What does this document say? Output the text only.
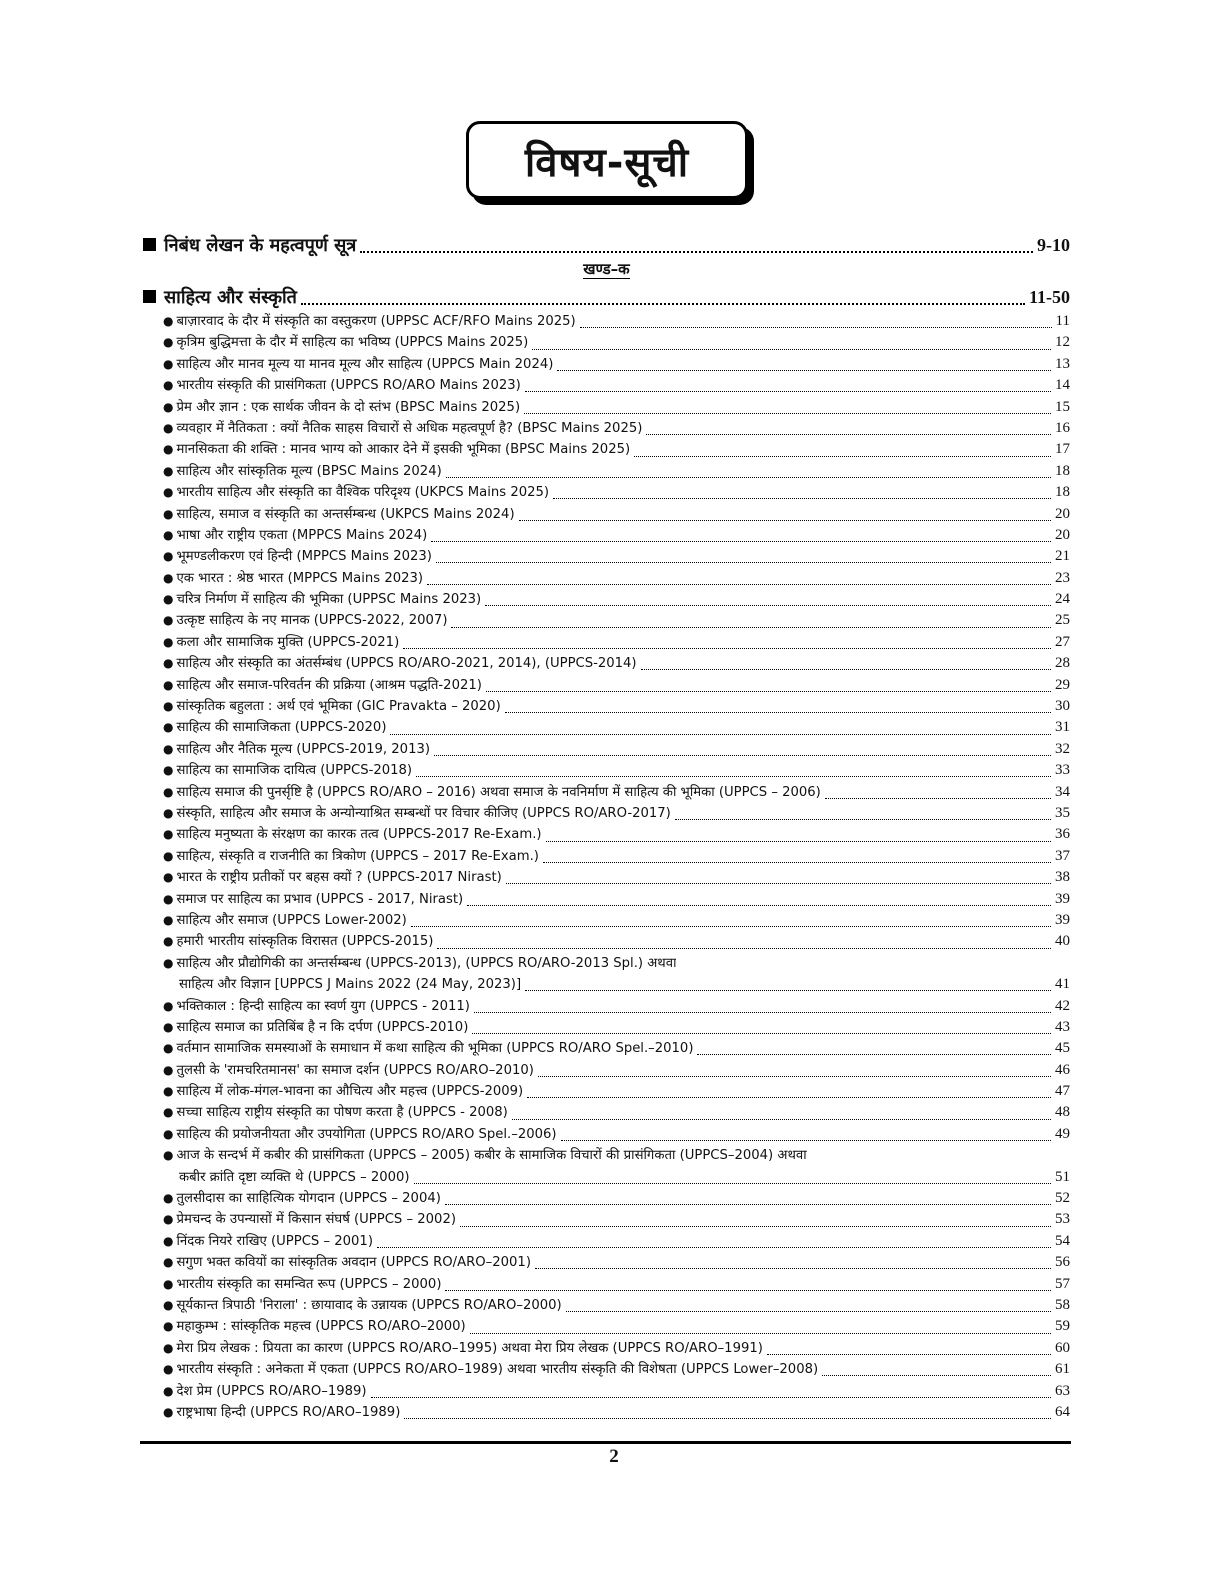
विषय-सूची
निबंध लेखन के महत्वपूर्ण सूत्र	9-10
खण्ड–क
साहित्य और संस्कृति	11-50
● बाज़ारवाद के दौर में संस्कृति का वस्तुकरण (UPPSC ACF/RFO Mains 2025)	11
● कृत्रिम बुद्धिमत्ता के दौर में साहित्य का भविष्य (UPPCS Mains 2025)	12
● साहित्य और मानव मूल्य या मानव मूल्य और साहित्य (UPPCS Main 2024)	13
● भारतीय संस्कृति की प्रासंगिकता (UPPCS RO/ARO Mains 2023)	14
● प्रेम और ज्ञान : एक सार्थक जीवन के दो स्तंभ (BPSC Mains 2025)	15
● व्यवहार में नैतिकता : क्यों नैतिक साहस विचारों से अधिक महत्वपूर्ण है? (BPSC Mains 2025)	16
● मानसिकता की शक्ति : मानव भाग्य को आकार देने में इसकी भूमिका (BPSC Mains 2025)	17
● साहित्य और सांस्कृतिक मूल्य (BPSC Mains 2024)	18
● भारतीय साहित्य और संस्कृति का वैश्विक परिदृश्य (UKPCS Mains 2025)	18
● साहित्य, समाज व संस्कृति का अन्तर्सम्बन्ध (UKPCS Mains 2024)	20
● भाषा और राष्ट्रीय एकता (MPPCS Mains 2024)	20
● भूमण्डलीकरण एवं हिन्दी (MPPCS Mains 2023)	21
● एक भारत : श्रेष्ठ भारत (MPPCS Mains 2023)	23
● चरित्र निर्माण में साहित्य की भूमिका (UPPSC Mains 2023)	24
● उत्कृष्ट साहित्य के नए मानक (UPPCS-2022, 2007)	25
● कला और सामाजिक मुक्ति (UPPCS-2021)	27
● साहित्य और संस्कृति का अंतर्सम्बंध (UPPCS RO/ARO-2021, 2014), (UPPCS-2014)	28
● साहित्य और समाज-परिवर्तन की प्रक्रिया (आश्रम पद्धति-2021)	29
● सांस्कृतिक बहुलता : अर्थ एवं भूमिका (GIC Pravakta – 2020)	30
● साहित्य की सामाजिकता (UPPCS-2020)	31
● साहित्य और नैतिक मूल्य (UPPCS-2019, 2013)	32
● साहित्य का सामाजिक दायित्व (UPPCS-2018)	33
● साहित्य समाज की पुनर्सृष्टि है (UPPCS RO/ARO – 2016) अथवा समाज के नवनिर्माण में साहित्य की भूमिका (UPPCS – 2006)	34
● संस्कृति, साहित्य और समाज के अन्योन्याश्रित सम्बन्धों पर विचार कीजिए (UPPCS RO/ARO-2017)	35
● साहित्य मनुष्यता के संरक्षण का कारक तत्व (UPPCS-2017 Re-Exam.)	36
● साहित्य, संस्कृति व राजनीति का त्रिकोण (UPPCS – 2017 Re-Exam.)	37
● भारत के राष्ट्रीय प्रतीकों पर बहस क्यों ? (UPPCS-2017 Nirast)	38
● समाज पर साहित्य का प्रभाव (UPPCS - 2017, Nirast)	39
● साहित्य और समाज (UPPCS Lower-2002)	39
● हमारी भारतीय सांस्कृतिक विरासत (UPPCS-2015)	40
● साहित्य और प्रौद्योगिकी का अन्तर्सम्बन्ध (UPPCS-2013), (UPPCS RO/ARO-2013 Spl.) अथवा
साहित्य और विज्ञान [UPPCS J Mains 2022 (24 May, 2023)]	41
● भक्तिकाल : हिन्दी साहित्य का स्वर्ण युग (UPPCS - 2011)	42
● साहित्य समाज का प्रतिबिंब है न कि दर्पण (UPPCS-2010)	43
● वर्तमान सामाजिक समस्याओं के समाधान में कथा साहित्य की भूमिका (UPPCS RO/ARO Spel.–2010)	45
● तुलसी के 'रामचरितमानस' का समाज दर्शन (UPPCS RO/ARO–2010)	46
● साहित्य में लोक-मंगल-भावना का औचित्य और महत्त्व (UPPCS-2009)	47
● सच्चा साहित्य राष्ट्रीय संस्कृति का पोषण करता है (UPPCS - 2008)	48
● साहित्य की प्रयोजनीयता और उपयोगिता (UPPCS RO/ARO Spel.–2006)	49
● आज के सन्दर्भ में कबीर की प्रासंगिकता (UPPCS – 2005) कबीर के सामाजिक विचारों की प्रासंगिकता (UPPCS–2004) अथवा
कबीर क्रांति दृष्टा व्यक्ति थे (UPPCS – 2000)	51
● तुलसीदास का साहित्यिक योगदान (UPPCS – 2004)	52
● प्रेमचन्द के उपन्यासों में किसान संघर्ष (UPPCS – 2002)	53
● निंदक नियरे राखिए (UPPCS – 2001)	54
● सगुण भक्त कवियों का सांस्कृतिक अवदान (UPPCS RO/ARO–2001)	56
● भारतीय संस्कृति का समन्वित रूप (UPPCS – 2000)	57
● सूर्यकान्त त्रिपाठी 'निराला' : छायावाद के उन्नायक (UPPCS RO/ARO–2000)	58
● महाकुम्भ : सांस्कृतिक महत्त्व (UPPCS RO/ARO–2000)	59
● मेरा प्रिय लेखक : प्रियता का कारण (UPPCS RO/ARO–1995) अथवा मेरा प्रिय लेखक (UPPCS RO/ARO–1991)	60
● भारतीय संस्कृति : अनेकता में एकता (UPPCS RO/ARO–1989) अथवा भारतीय संस्कृति की विशेषता (UPPCS Lower–2008)	61
● देश प्रेम (UPPCS RO/ARO–1989)	63
● राष्ट्रभाषा हिन्दी (UPPCS RO/ARO–1989)	64
2
